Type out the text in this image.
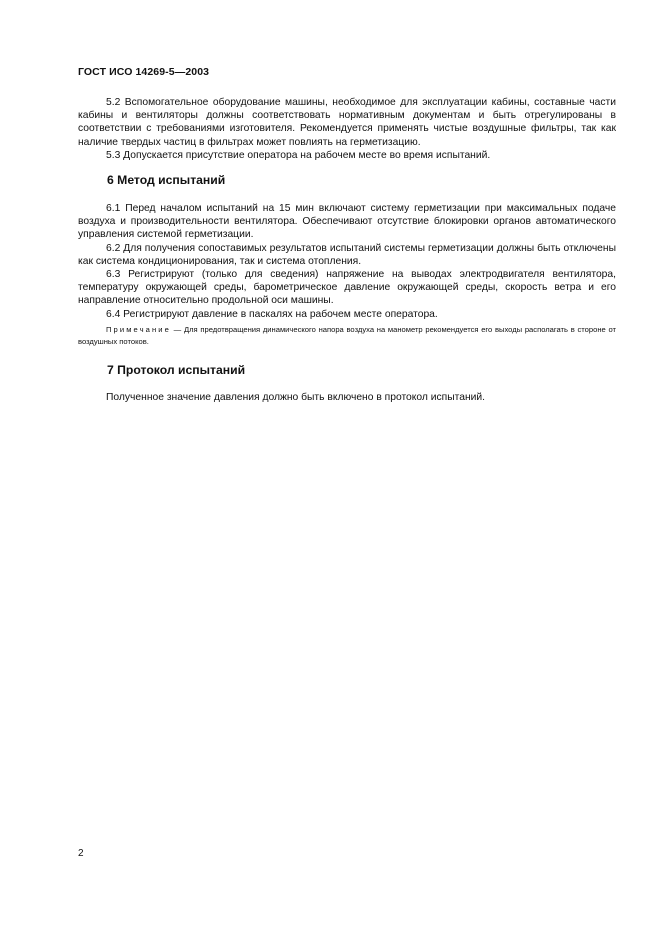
ГОСТ ИСО 14269-5—2003

5.2 Вспомогательное оборудование машины, необходимое для эксплуатации кабины, составные части кабины и вентиляторы должны соответствовать нормативным документам и быть отрегулированы в соответствии с требованиями изготовителя. Рекомендуется применять чистые воздушные фильтры, так как наличие твердых частиц в фильтрах может повлиять на герметизацию.

5.3 Допускается присутствие оператора на рабочем месте во время испытаний.

6 Метод испытаний

6.1 Перед началом испытаний на 15 мин включают систему герметизации при максимальных подаче воздуха и производительности вентилятора. Обеспечивают отсутствие блокировки органов автоматического управления системой герметизации.

6.2 Для получения сопоставимых результатов испытаний системы герметизации должны быть отключены как система кондиционирования, так и система отопления.

6.3 Регистрируют (только для сведения) напряжение на выводах электродвигателя вентилятора, температуру окружающей среды, барометрическое давление окружающей среды, скорость ветра и его направление относительно продольной оси машины.

6.4 Регистрируют давление в паскалях на рабочем месте оператора.

Примечание — Для предотвращения динамического напора воздуха на манометр рекомендуется его выходы располагать в стороне от воздушных потоков.

7 Протокол испытаний

Полученное значение давления должно быть включено в протокол испытаний.

2
